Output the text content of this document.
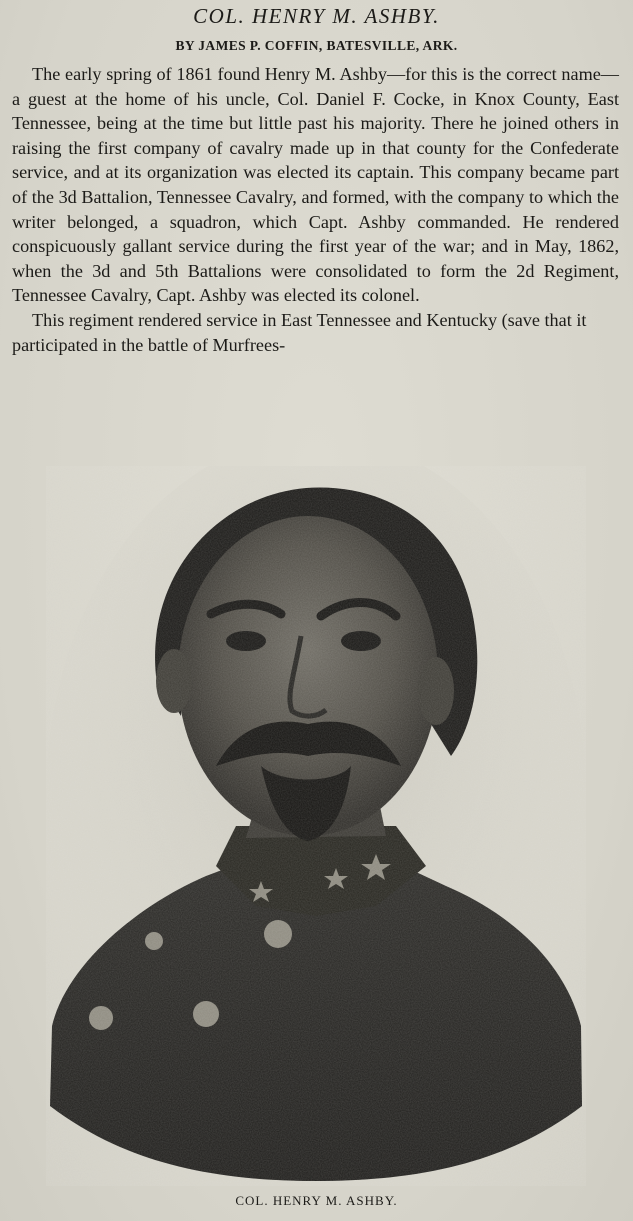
COL. HENRY M. ASHBY.
BY JAMES P. COFFIN, BATESVILLE, ARK.

The early spring of 1861 found Henry M. Ashby—for this is the correct name—a guest at the home of his uncle, Col. Daniel F. Cocke, in Knox County, East Tennessee, being at the time but little past his majority. There he joined others in raising the first company of cavalry made up in that county for the Confederate service, and at its organization was elected its captain. This company became part of the 3d Battalion, Tennessee Cavalry, and formed, with the company to which the writer belonged, a squadron, which Capt. Ashby commanded. He rendered conspicuously gallant service during the first year of the war; and in May, 1862, when the 3d and 5th Battalions were consolidated to form the 2d Regiment, Tennessee Cavalry, Capt. Ashby was elected its colonel.

This regiment rendered service in East Tennessee and Kentucky (save that it participated in the battle of Murfrees-

COL. HENRY M. ASHBY.
